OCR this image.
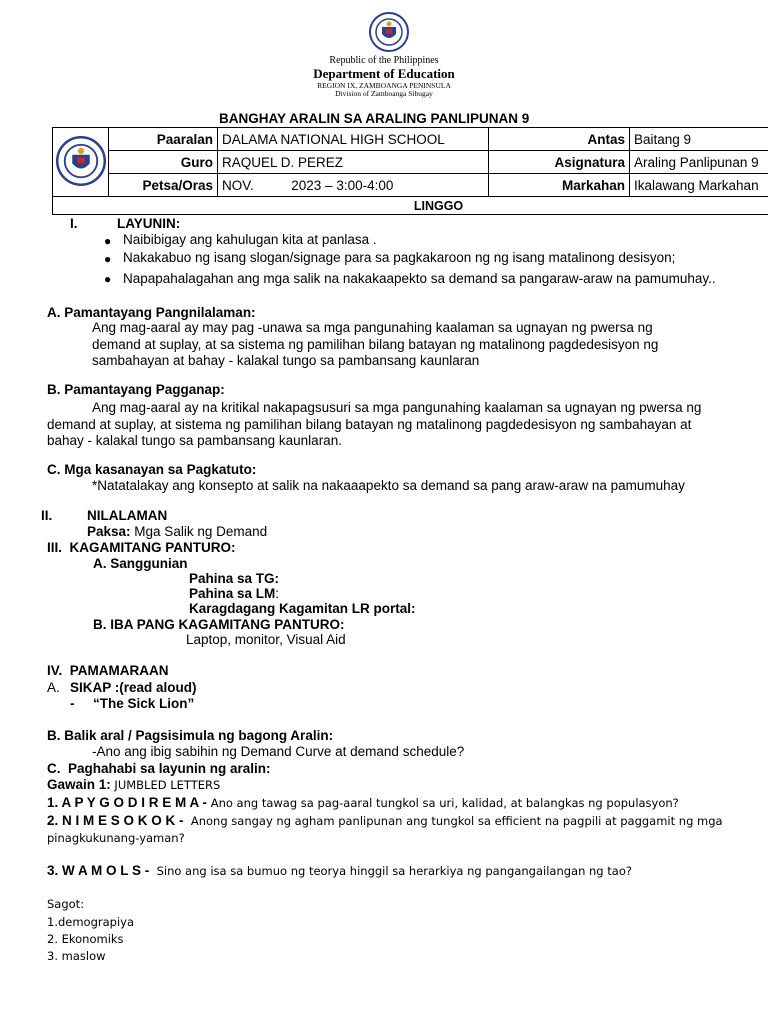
Republic of the Philippines
Department of Education
REGION IX, ZAMBOANGA PENINSULA
Division of Zamboanga Sibugay
BANGHAY ARALIN SA ARALING PANLIPUNAN 9
	Paaralan	DALAMA NATIONAL HIGH SCHOOL	Antas	Baitang 9
	Guro	RAQUEL D. PEREZ	Asignatura	Araling Panlipunan 9
	Petsa/Oras	NOV.          2023 – 3:00-4:00	Markahan	Ikalawang Markahan

LINGGO				
I.	LAYUNIN:
● Naibibigay ang kahulugan kita at panlasa .
● Nakakabuo ng isang slogan/signage para sa pagkakaroon ng ng isang matalinong desisyon;
● Napapahalagahan ang mga salik na nakakaapekto sa demand sa pangaraw-araw na pamumuhay..
A. Pamantayang Pangnilalaman:
Ang mag-aaral ay may pag -unawa sa mga pangunahing kaalaman sa ugnayan ng pwersa ng demand at suplay, at sa sistema ng pamilihan bilang batayan ng matalinong pagdedesisyon ng sambahayan at bahay - kalakal tungo sa pambansang kaunlaran
B. Pamantayang Pagganap:
Ang mag-aaral ay na kritikal nakapagsusuri sa mga pangunahing kaalaman sa ugnayan ng pwersa ng demand at suplay, at sistema ng pamilihan bilang batayan ng matalinong pagdedesisyon ng sambahayan at bahay - kalakal tungo sa pambansang kaunlaran.
C. Mga kasanayan sa Pagkatuto:
*Natatalakay ang konsepto at salik na nakaaapekto sa demand sa pang araw-araw na pamumuhay
II.	NILALAMAN
Paksa: Mga Salik ng Demand
III.  KAGAMITANG PANTURO:
A. Sanggunian
Pahina sa TG:
Pahina sa LM:
Karagdagang Kagamitan LR portal:
B. IBA PANG KAGAMITANG PANTURO:
Laptop, monitor, Visual Aid
IV.  PAMAMARAAN
A. SIKAP :(read aloud)
- “The Sick Lion”
B. Balik aral / Pagsisimula ng bagong Aralin:
-Ano ang ibig sabihin ng Demand Curve at demand schedule?
C.  Paghahabi sa layunin ng aralin:
Gawain 1: JUMBLED LETTERS
1. A P Y G O D I R E M A - Ano ang tawag sa pag-aaral tungkol sa uri, kalidad, at balangkas ng populasyon?
2. N I M E S O K O K -  Anong sangay ng agham panlipunan ang tungkol sa efficient na pagpili at paggamit ng mga
pinagkukunang-yaman?
3. W A M O L S -  Sino ang isa sa bumuo ng teorya hinggil sa herarkiya ng pangangailangan ng tao?
Sagot:
1.demograpiya
2. Ekonomiks
3. maslow
